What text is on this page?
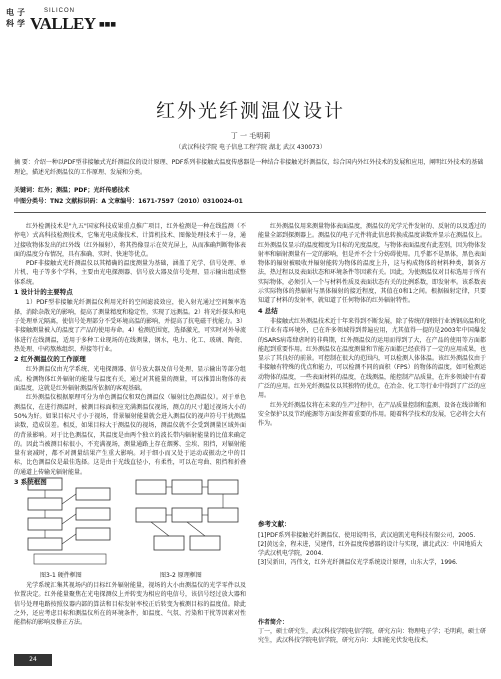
电子
科学
SILICON
VALLEY ■■■
红外光纤测温仪设计
丁 一 毛明莉
（武汉科技学院 电子信息工程学院 湖北 武汉 430073）
摘 要：介绍一种以PDF型非接触式光纤测温仪的设计原理、PDF系列非接触式温度传感器是一种结合非接触光纤测温仪，综合国内外红外技术的发展和应用，阐明红外技术的基础理论，描述光纤测温仪的工作原理、发展和分类。
关键词：红外；测温；PDF；光纤传感技术
中图分类号：TN2 文献标识码：A 文章编号：1671-7597（2010）0310024-01

红外检测技术是"九五"国家科技成果重点推广项目，红外检测是一种在线监测（不停电）式高科技检测技术，它集光电成像技术、计算机技术、图像处理技术于一身，通过接收物体发出的红外线（红外辐射），将其热像显示在荧光屏上，从而准确判断物体表面的温度分布情况，具有准确、实时、快速等优点。

PDF非接触式光纤测温仪以其精确的温度测量为基础，涵盖了光学、信号处理、单片机、电子等多个学科，主要由光电探测器、信号放大器及信号处理、显示输出组成整体系统。

1 设计计的主要特点

1）PDF型非接触光纤测温仪利用光纤的空间滤波效应，使入射光通过空间频率选择，消除杂散光的影响，提高了测量精度和稳定性，实现了远测温。2）将光纤探头和电子处理单元隔离，使信号处理部分不受环境高温的影响，并提高了抗电磁干扰能力。3）非接触测量被入的温度了产品的使用寿命。4）检测范围宽，选择激光，可实时对外导流体进行在线测温，适用于多种工业现场的在线测量，钢水，电力、化工、玻璃、陶瓷、热处理、中药熬炼组织、焊接等行业。

2 红外测温仪的工作原理

红外测温仪由光学系统、光电探测器、信号放大器及信号处理、显示输出等部分组成。检测物体红外辐射的能量与温度有关，通过对其能量的测量，可以推算出物体的表面温度，这就是红外辐射测温所依据的客观基础。

红外测温仪根据原理可分为单色测温仪和双色测温仪（辐射比色测温仪）。对于单色测温仪，在进行测温时，被测目标面积应充满测温仪视场，测点的尺寸超过视场大小的50%为好。如果目标尺寸小于视场，背景辐射能量就会进入测温仪的视声符号干扰测温读数，造成误差。相反，如果目标大于测温仪的视场，测温仪就不会受到测量区域外面的背景影响。对于比色测温仪，其温度是由两个独立的波长带内辐射能量的比值来确定的。因此当被测目标很小，不充满视场，测量通路上存在烟雾、尘埃、阻挡，对辐射能量有衰减时，都不对测量结果产生重大影响。对于细小而又处于运动或振动之中的目标，比色测温仪是最佳选择。这是由于光线直径小，有柔性，可以在弯曲、阻挡和折叠的通道上传输光辐射能量。

3 系统框图
图3-1 硬件框图	图3-2 原理框图

光学系统汇集其视场内的目标红外辐射能量，视场的大小由测温仪的光学零件以及位置决定。红外能量聚焦在光电探测仪上并转变为相应的电信号，该信号经过放大器和信号处理电路按照仪器内部的算法和目标发射率校正后转变为被测目标的温度值。除此之外，还应考虑目标和测温仪所在的环境条件，如温度、气氛、污染和干扰等因素对性能指标的影响及修正方法。

红外测温仪用来测量物体表面温度，测温仪的光学元件发射的、反射的以及透过的能量全部到探测器上。测温仪的电子元件将此信息转换成温度读数并显示在测温仪上。红外测温仪显示的温度精度为目标的光度温度，与物体表面温度有此差别，因为物体发射率和辐射测量有一定的影响，但是并不会十分妨碍使用。几乎都不是黑体，黑色表面物体的辐射被吸收并辐射能转为物体的温度上升，这与构成物体的材料种类，制备方法，热过程以及表面状态和环境条件等因素有关。因此，为使测温仪对目标选用于所有实际物体，必须引入一个与材料性质及表面状态有关的比例系数，即发射率。该系数表示实际物体的热辐射与黑体辐射的接近程度，其值在0和1之间。根据辐射定律，只要知道了材料的发射率，就知道了任何物体的红外辐射特性。

4 总结

非接触式红外测温技术近十年来得到不断发展，除了传统的钢铁行业诱钢高温和化工行业有毒环境外，已在许多领域得到普遍应用，尤其值得一提的是2003年中国爆发的SARS病毒肆虐时的非典期，红外测温仪的运用而得到了大，在产品的使用等方面都能起到重要作用。红外测温仪在温度测量和节能方面都已经获得了一定的应用成果，也显示了其良好的前景。可控制在很大的范围内，可以检测人体体温。该红外测温仪由于非接触有特殊的优点和能力，可以检测不同的面积（FPS）的物体的温度，如可检测运动物体的温度，一些表面材料的温度，在线测温，能控制产品质量，在许多领域中有着广泛的应用。红外光纤测温仪以其独特的优点，在冶金、化工等行业中得到了广泛的应用。

红外光纤测温仪将在未来的生产过程中，在产品质量控制和监测、设备在线诊断和安全保护以及节约能源等方面发挥着重要的作用。随着科学技术的发展，它必将会大有作为。

参考文献：

[1]PDF系列非接触光纤测温仪、使用说明书，武汉迪凯光电科技有限公司，2005.

[2]黄远金，程未进，吴建伟，红外温度传感器的设计与实现，湖北武汉：中国地质大学武汉机电学院，2004.

[3]吴新田，冯伟文，红外光纤测温仪光学系统设计原理，山东大学，1996.

作者简介：
丁一，硕士研究生，武汉科技学院电信学院，研究方向：物理电子学；毛明莉，硕士研究生，武汉科技学院电信学院，研究方向：太阳能光伏发电技术。
24
